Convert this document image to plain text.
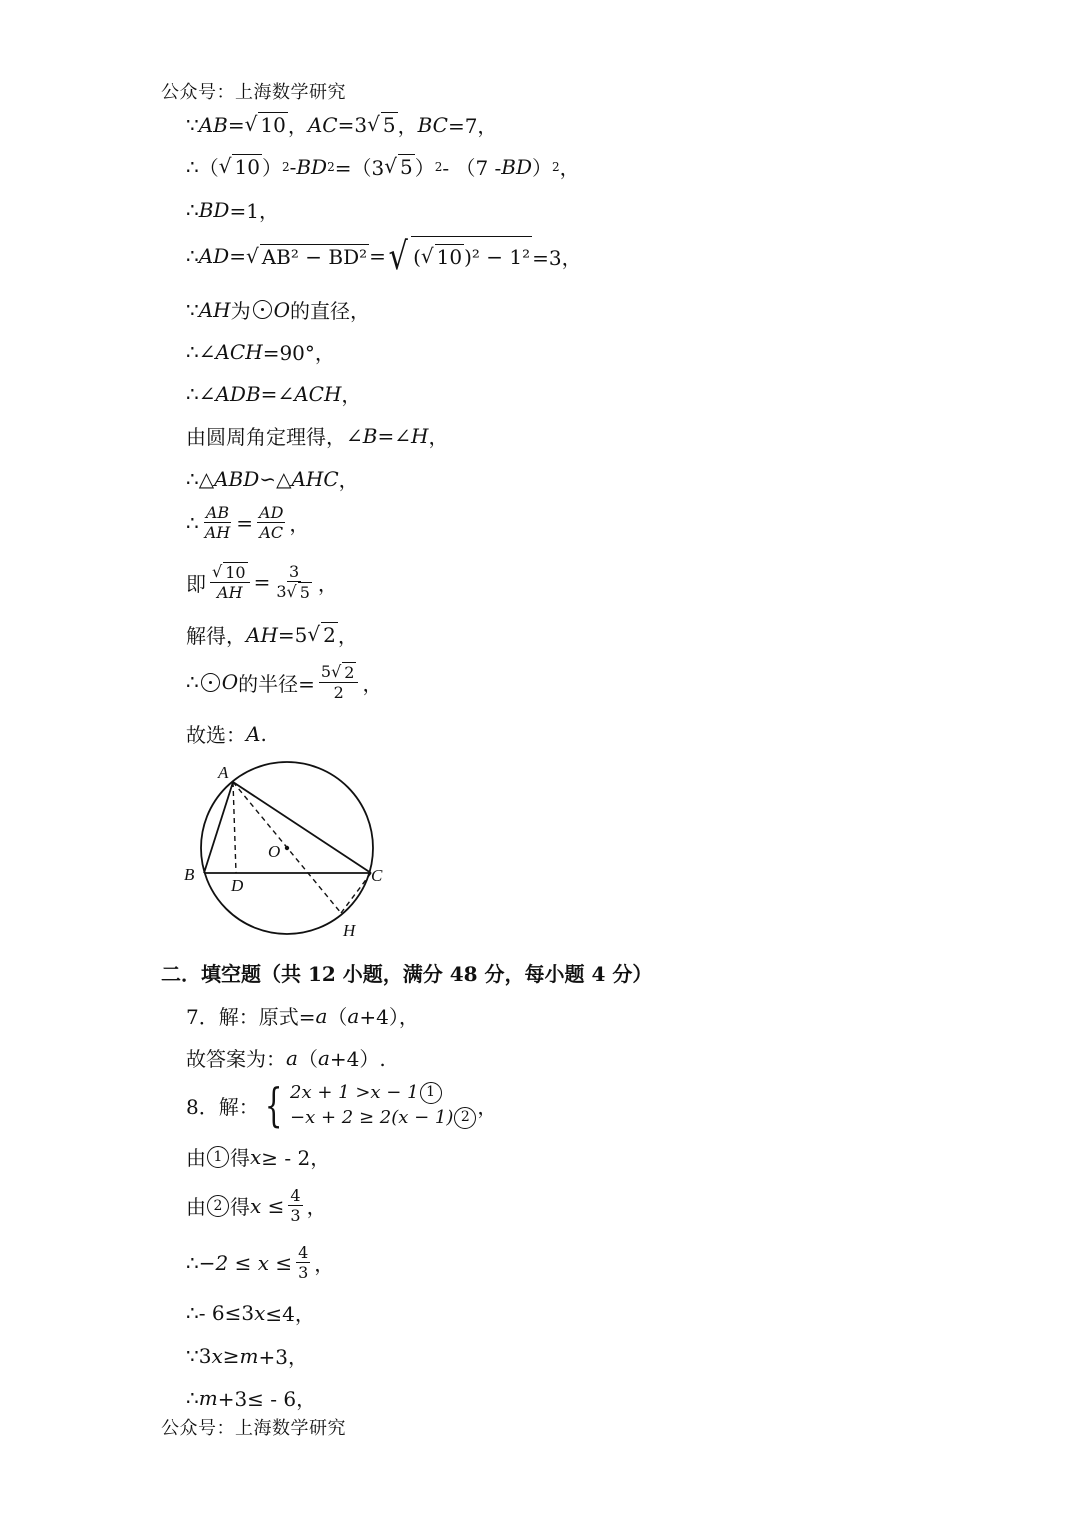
公众号：上海数学研究
∵ AB= √ 10 ， AC= 3 √ 5 ， BC =7，
∴ （ √ 10 ） 2 - BD 2 =（3 √ 5 ） 2 - （7 - BD ） 2 ，
∴ BD =1，
∴ AD= √ AB² − BD² = √ ( √ 10 )² − 1² =3，
∵ AH 为 O 的直径，
∴ ∠ACH =90°，
∴ ∠ADB = ∠ACH ，
由圆周角定理得， ∠B = ∠H ，
∴ △ABD ∽ △AHC ，
∴ $\frac{AB}{AH} = \frac{AD}{AC}$ ，
即 $\frac{√ 10}{AH} = \frac{3}{3 √ 5}$ ，
解得， AH =5 √ 2 ，
∴ O 的半径= $\frac{5 √ 2}{2}$ ，
故选： A .
A
B	C
D
O
H
二．填空题（共 12 小题，满分 48 分，每小题 4 分）
7．解：原式= a （ a +4），
故答案为： a （ a +4）.
8．解： { 2x + 1 >x − 1 1
−x + 2 ≥ 2(x − 1) 2 ，
由 1 得 x ≥ - 2，
由 2 得 $x \le \frac{4}{3}$ ，
∴ $-2 \le x \le \frac{4}{3}$ ，
∴ - 6≤3 x ≤4，
∵ 3 x ≥ m +3，
∴ m +3≤ - 6，
公众号：上海数学研究
